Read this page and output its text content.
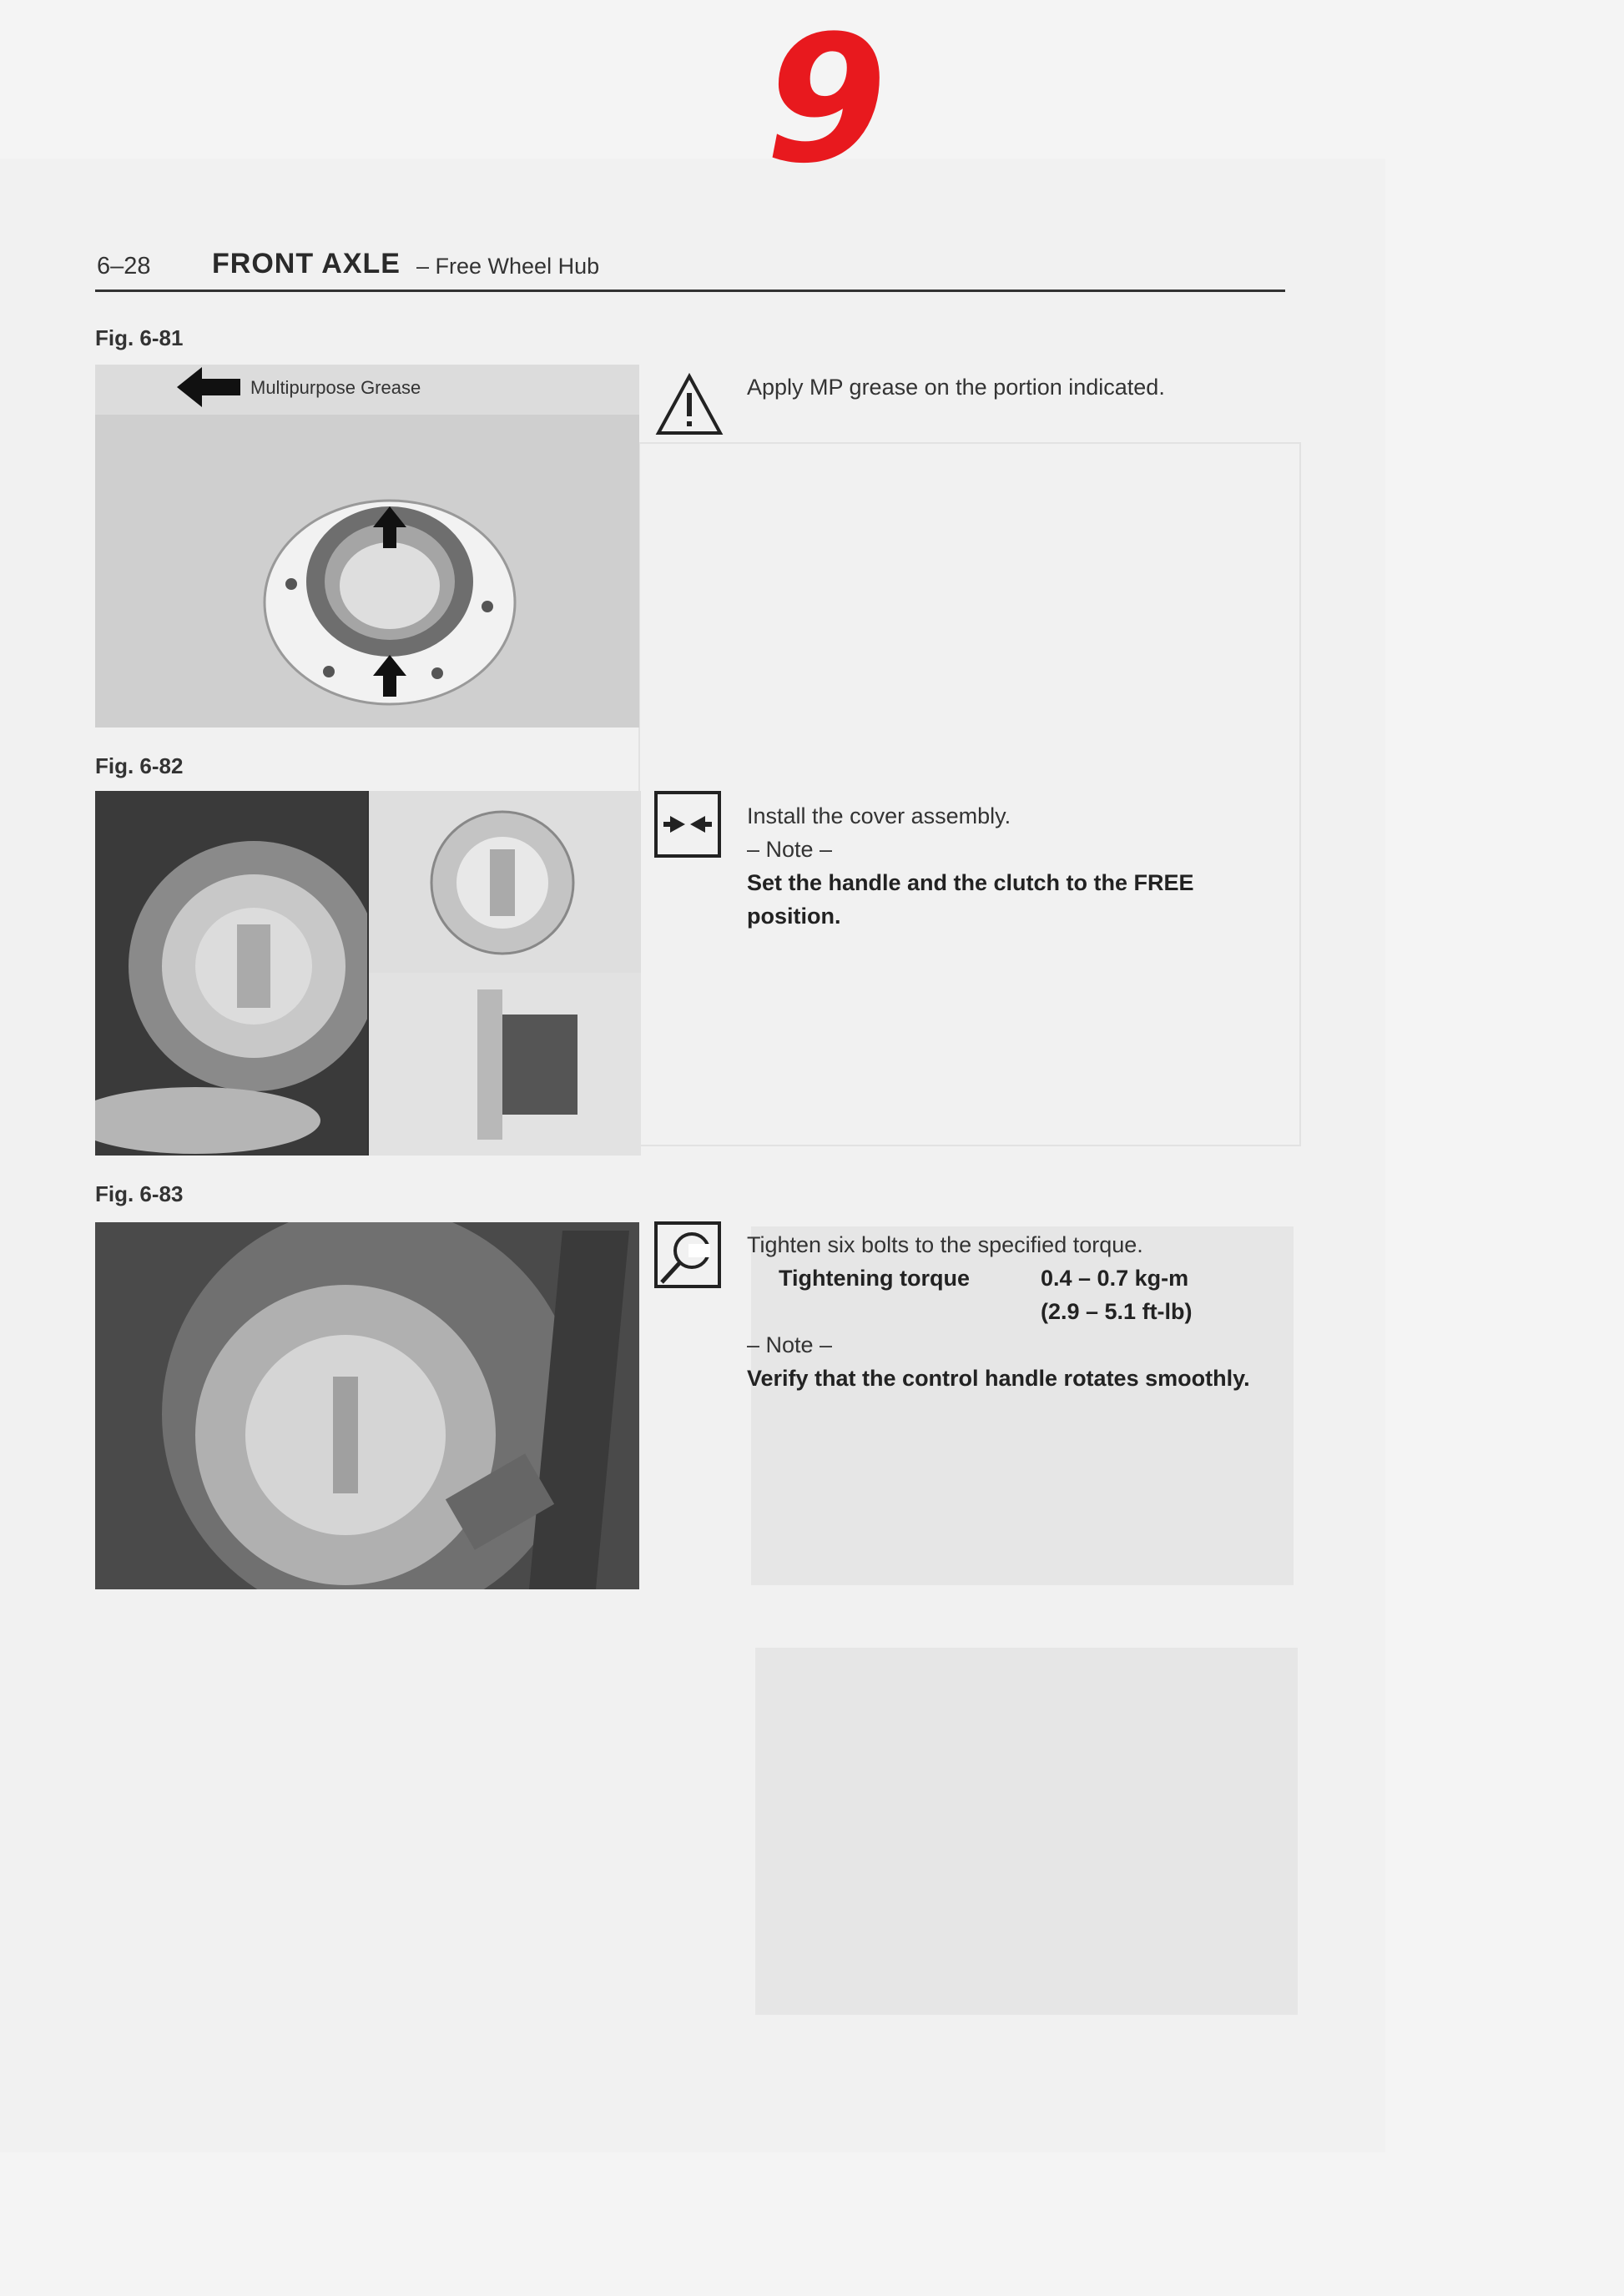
9
6–28 FRONT AXLE – Free Wheel Hub
Fig. 6-81
Multipurpose Grease	Apply MP grease on the portion indicated.
Fig. 6-82
Install the cover assembly.
– Note –
Set the handle and the clutch to the FREE
position.
Fig. 6-83
Tighten six bolts to the specified torque.
Tightening torque	0.4 – 0.7 kg-m
(2.9 – 5.1 ft-lb)
– Note –
Verify that the control handle rotates smoothly.
